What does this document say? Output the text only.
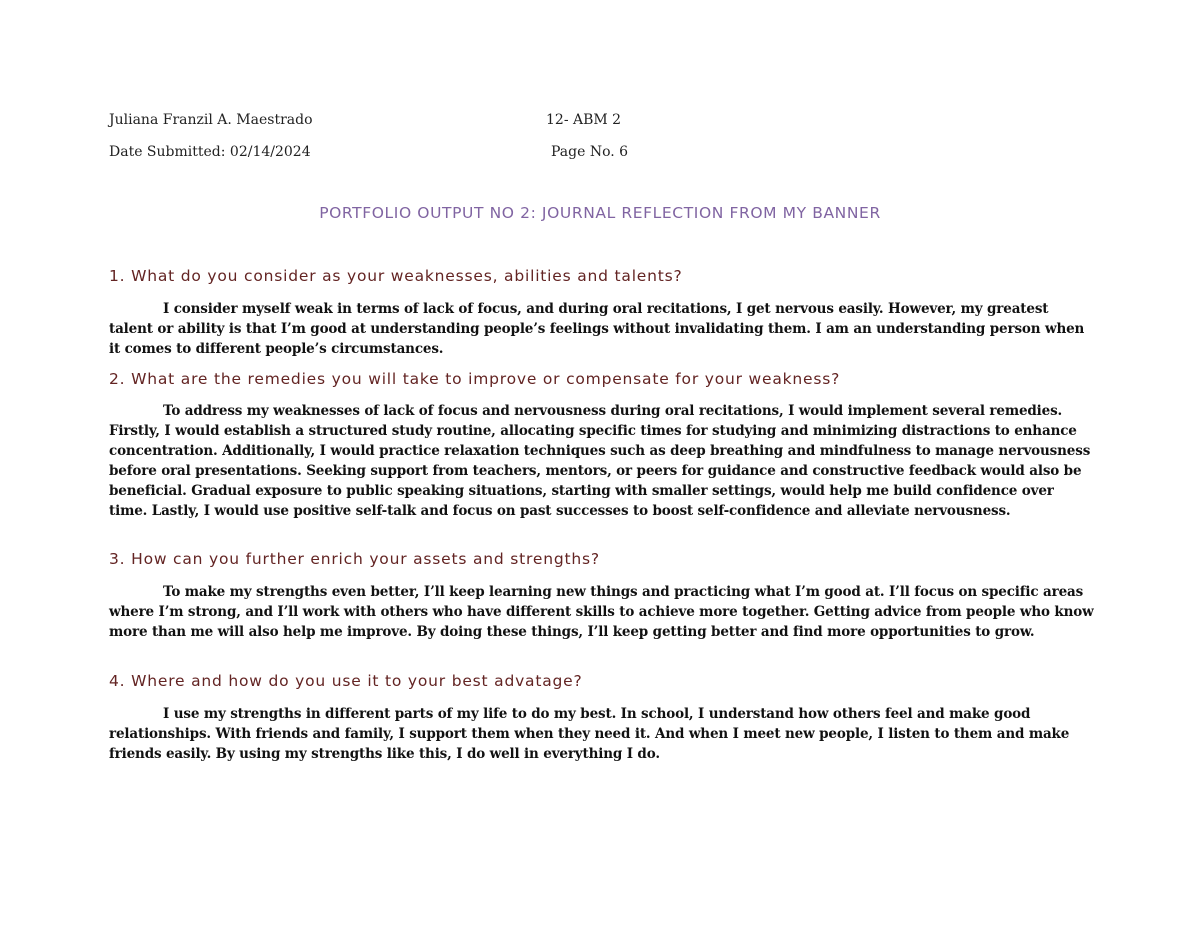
Juliana Franzil A. Maestrado	12- ABM 2
Date Submitted: 02/14/2024	Page No. 6
PORTFOLIO OUTPUT NO 2: JOURNAL REFLECTION FROM MY BANNER
1. What do you consider as your weaknesses, abilities and talents?

I consider myself weak in terms of lack of focus, and during oral recitations, I get nervous easily. However, my greatest talent or ability is that I’m good at understanding people’s feelings without invalidating them. I am an understanding person when it comes to different people’s circumstances.

2. What are the remedies you will take to improve or compensate for your weakness?

To address my weaknesses of lack of focus and nervousness during oral recitations, I would implement several remedies. Firstly, I would establish a structured study routine, allocating specific times for studying and minimizing distractions to enhance concentration. Additionally, I would practice relaxation techniques such as deep breathing and mindfulness to manage nervousness before oral presentations. Seeking support from teachers, mentors, or peers for guidance and constructive feedback would also be beneficial. Gradual exposure to public speaking situations, starting with smaller settings, would help me build confidence over time. Lastly, I would use positive self-talk and focus on past successes to boost self-confidence and alleviate nervousness.

3. How can you further enrich your assets and strengths?

To make my strengths even better, I’ll keep learning new things and practicing what I’m good at. I’ll focus on specific areas where I’m strong, and I’ll work with others who have different skills to achieve more together. Getting advice from people who know more than me will also help me improve. By doing these things, I’ll keep getting better and find more opportunities to grow.

4. Where and how do you use it to your best advatage?

I use my strengths in different parts of my life to do my best. In school, I understand how others feel and make good relationships. With friends and family, I support them when they need it. And when I meet new people, I listen to them and make friends easily. By using my strengths like this, I do well in everything I do.
